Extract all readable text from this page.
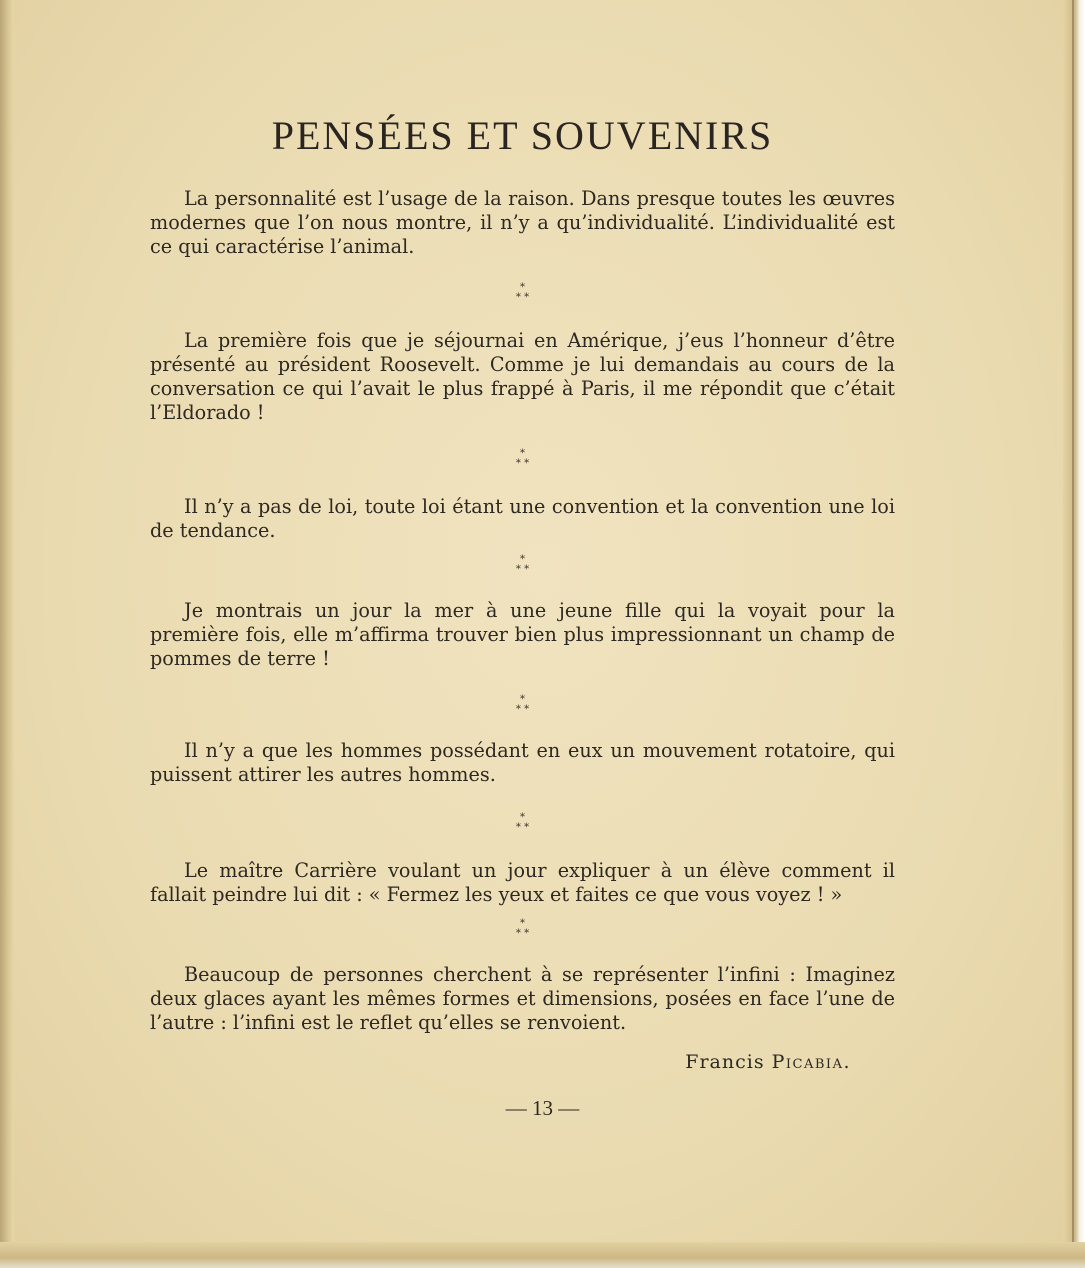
PENSÉES ET SOUVENIRS

La personnalité est l’usage de la raison. Dans presque toutes les œuvres modernes que l’on nous montre, il n’y a qu’individualité. L’individualité est ce qui caractérise l’animal.

*
* *

La première fois que je séjournai en Amérique, j’eus l’honneur d’être présenté au président Roosevelt. Comme je lui demandais au cours de la conversation ce qui l’avait le plus frappé à Paris, il me répondit que c’était l’Eldorado !

*
* *

Il n’y a pas de loi, toute loi étant une convention et la convention une loi de tendance.

*
* *

Je montrais un jour la mer à une jeune fille qui la voyait pour la première fois, elle m’affirma trouver bien plus impressionnant un champ de pommes de terre !

*
* *

Il n’y a que les hommes possédant en eux un mouvement rotatoire, qui puissent attirer les autres hommes.

*
* *

Le maître Carrière voulant un jour expliquer à un élève comment il fallait peindre lui dit : « Fermez les yeux et faites ce que vous voyez ! »

*
* *

Beaucoup de personnes cherchent à se représenter l’infini : Imaginez deux glaces ayant les mêmes formes et dimensions, posées en face l’une de l’autre : l’infini est le reflet qu’elles se renvoient.

Francis Picabia.
— 13 —
